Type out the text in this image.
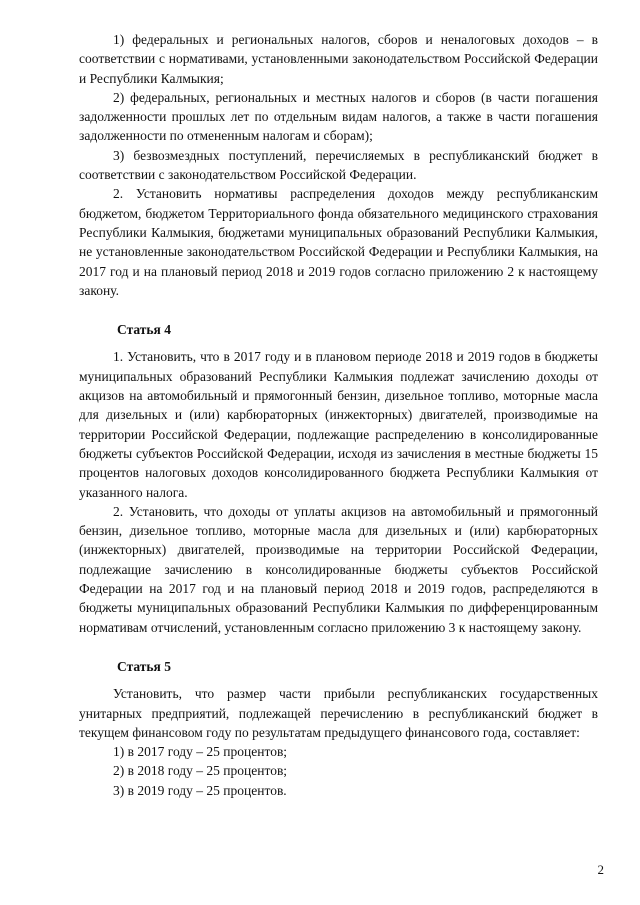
1) федеральных и региональных налогов, сборов и неналоговых доходов – в соответствии с нормативами, установленными законодательством Российской Федерации и Республики Калмыкия;

2) федеральных, региональных и местных налогов и сборов (в части погашения задолженности прошлых лет по отдельным видам налогов, а также в части погашения задолженности по отмененным налогам и сборам);

3) безвозмездных поступлений, перечисляемых в республиканский бюджет в соответствии с законодательством Российской Федерации.

2. Установить нормативы распределения доходов между республиканским бюджетом, бюджетом Территориального фонда обязательного медицинского страхования Республики Калмыкия, бюджетами муниципальных образований Республики Калмыкия, не установленные законодательством Российской Федерации и Республики Калмыкия, на 2017 год и на плановый период 2018 и 2019 годов согласно приложению 2 к настоящему закону.

Статья 4

1. Установить, что в 2017 году и в плановом периоде 2018 и 2019 годов в бюджеты муниципальных образований Республики Калмыкия подлежат зачислению доходы от акцизов на автомобильный и прямогонный бензин, дизельное топливо, моторные масла для дизельных и (или) карбюраторных (инжекторных) двигателей, производимые на территории Российской Федерации, подлежащие распределению в консолидированные бюджеты субъектов Российской Федерации, исходя из зачисления в местные бюджеты 15 процентов налоговых доходов консолидированного бюджета Республики Калмыкия от указанного налога.

2. Установить, что доходы от уплаты акцизов на автомобильный и прямогонный бензин, дизельное топливо, моторные масла для дизельных и (или) карбюраторных (инжекторных) двигателей, производимые на территории Российской Федерации, подлежащие зачислению в консолидированные бюджеты субъектов Российской Федерации на 2017 год и на плановый период 2018 и 2019 годов, распределяются в бюджеты муниципальных образований Республики Калмыкия по дифференцированным нормативам отчислений, установленным согласно приложению 3 к настоящему закону.

Статья 5

Установить, что размер части прибыли республиканских государственных унитарных предприятий, подлежащей перечислению в республиканский бюджет в текущем финансовом году по результатам предыдущего финансового года, составляет:

1) в 2017 году – 25 процентов;

2) в 2018 году – 25 процентов;

3) в 2019 году – 25 процентов.

2
